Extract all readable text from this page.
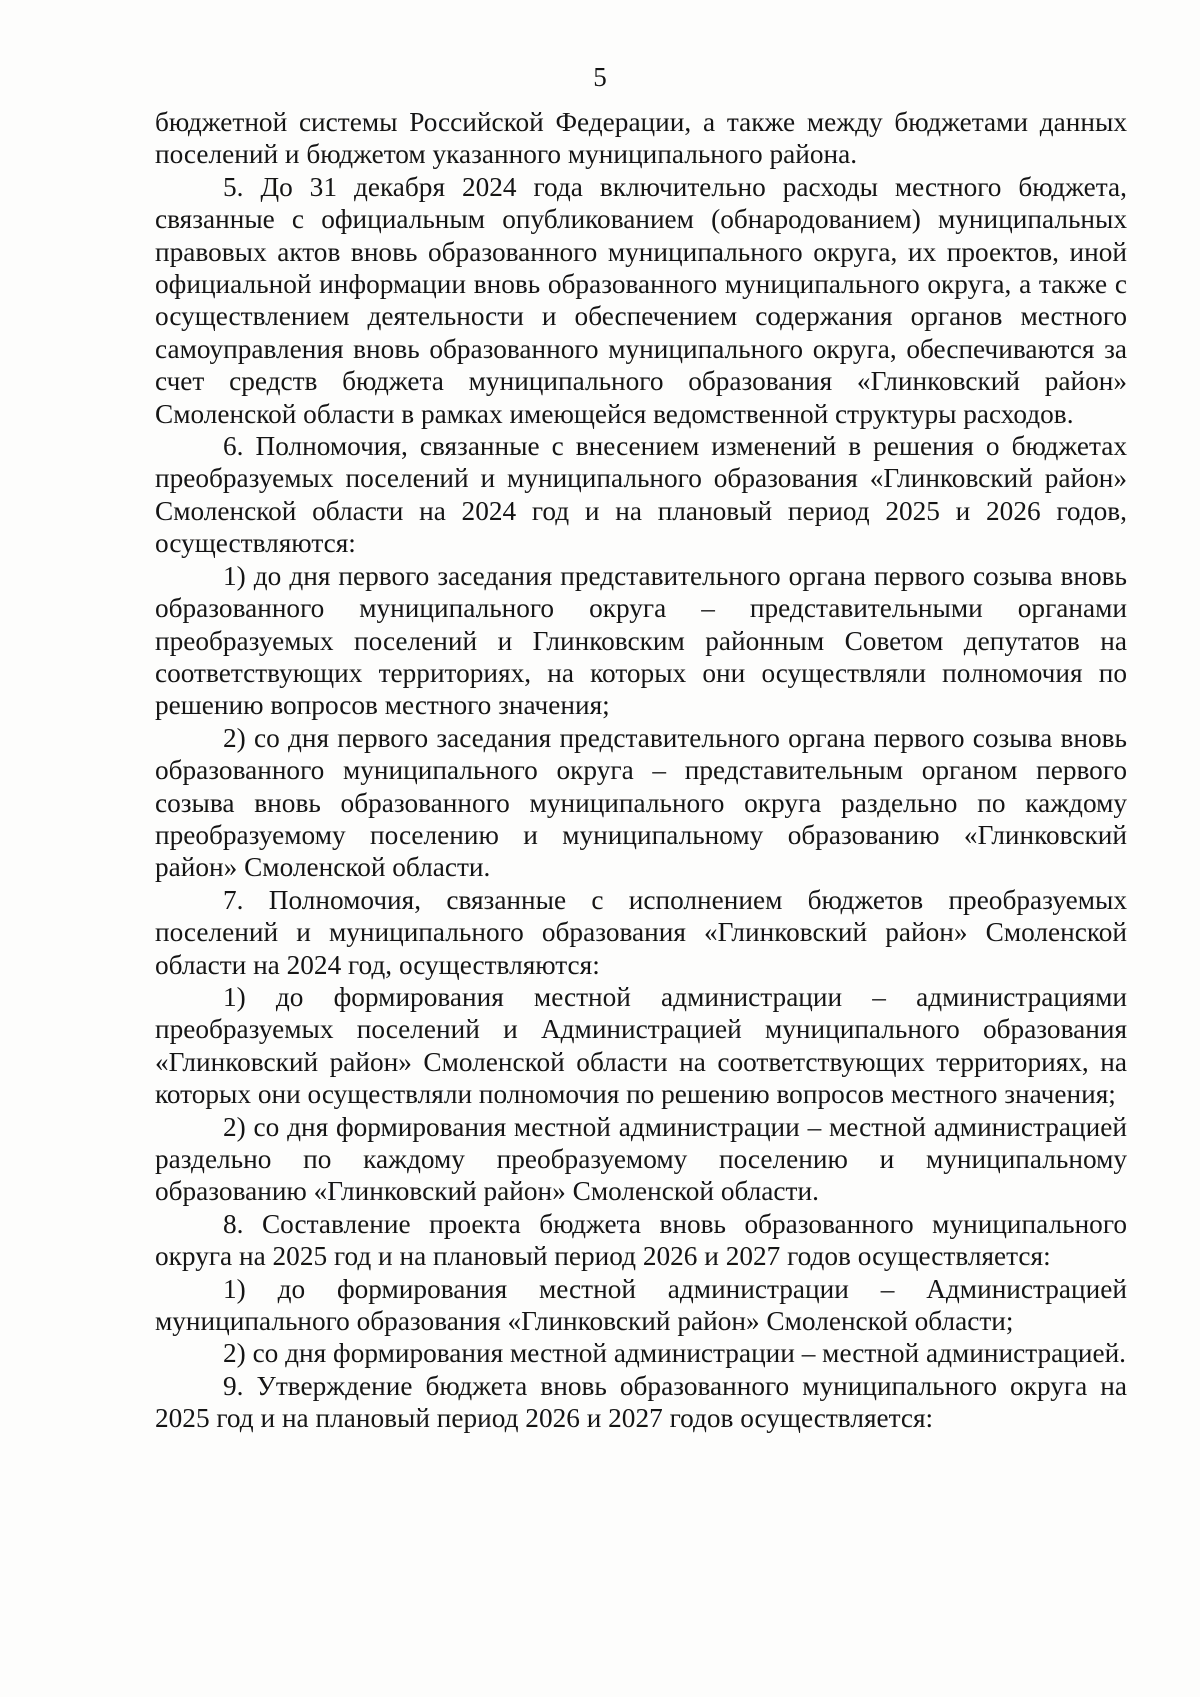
5

бюджетной системы Российской Федерации, а также между бюджетами данных поселений и бюджетом указанного муниципального района.

5. До 31 декабря 2024 года включительно расходы местного бюджета, связанные с официальным опубликованием (обнародованием) муниципальных правовых актов вновь образованного муниципального округа, их проектов, иной официальной информации вновь образованного муниципального округа, а также с осуществлением деятельности и обеспечением содержания органов местного самоуправления вновь образованного муниципального округа, обеспечиваются за счет средств бюджета муниципального образования «Глинковский район» Смоленской области в рамках имеющейся ведомственной структуры расходов.

6. Полномочия, связанные с внесением изменений в решения о бюджетах преобразуемых поселений и муниципального образования «Глинковский район» Смоленской области на 2024 год и на плановый период 2025 и 2026 годов, осуществляются:

1) до дня первого заседания представительного органа первого созыва вновь образованного муниципального округа – представительными органами преобразуемых поселений и Глинковским районным Советом депутатов на соответствующих территориях, на которых они осуществляли полномочия по решению вопросов местного значения;

2) со дня первого заседания представительного органа первого созыва вновь образованного муниципального округа – представительным органом первого созыва вновь образованного муниципального округа раздельно по каждому преобразуемому поселению и муниципальному образованию «Глинковский район» Смоленской области.

7. Полномочия, связанные с исполнением бюджетов преобразуемых поселений и муниципального образования «Глинковский район» Смоленской области на 2024 год, осуществляются:

1) до формирования местной администрации – администрациями преобразуемых поселений и Администрацией муниципального образования «Глинковский район» Смоленской области на соответствующих территориях, на которых они осуществляли полномочия по решению вопросов местного значения;

2) со дня формирования местной администрации – местной администрацией раздельно по каждому преобразуемому поселению и муниципальному образованию «Глинковский район» Смоленской области.

8. Составление проекта бюджета вновь образованного муниципального округа на 2025 год и на плановый период 2026 и 2027 годов осуществляется:

1) до формирования местной администрации – Администрацией муниципального образования «Глинковский район» Смоленской области;

2) со дня формирования местной администрации – местной администрацией.

9. Утверждение бюджета вновь образованного муниципального округа на 2025 год и на плановый период 2026 и 2027 годов осуществляется:
